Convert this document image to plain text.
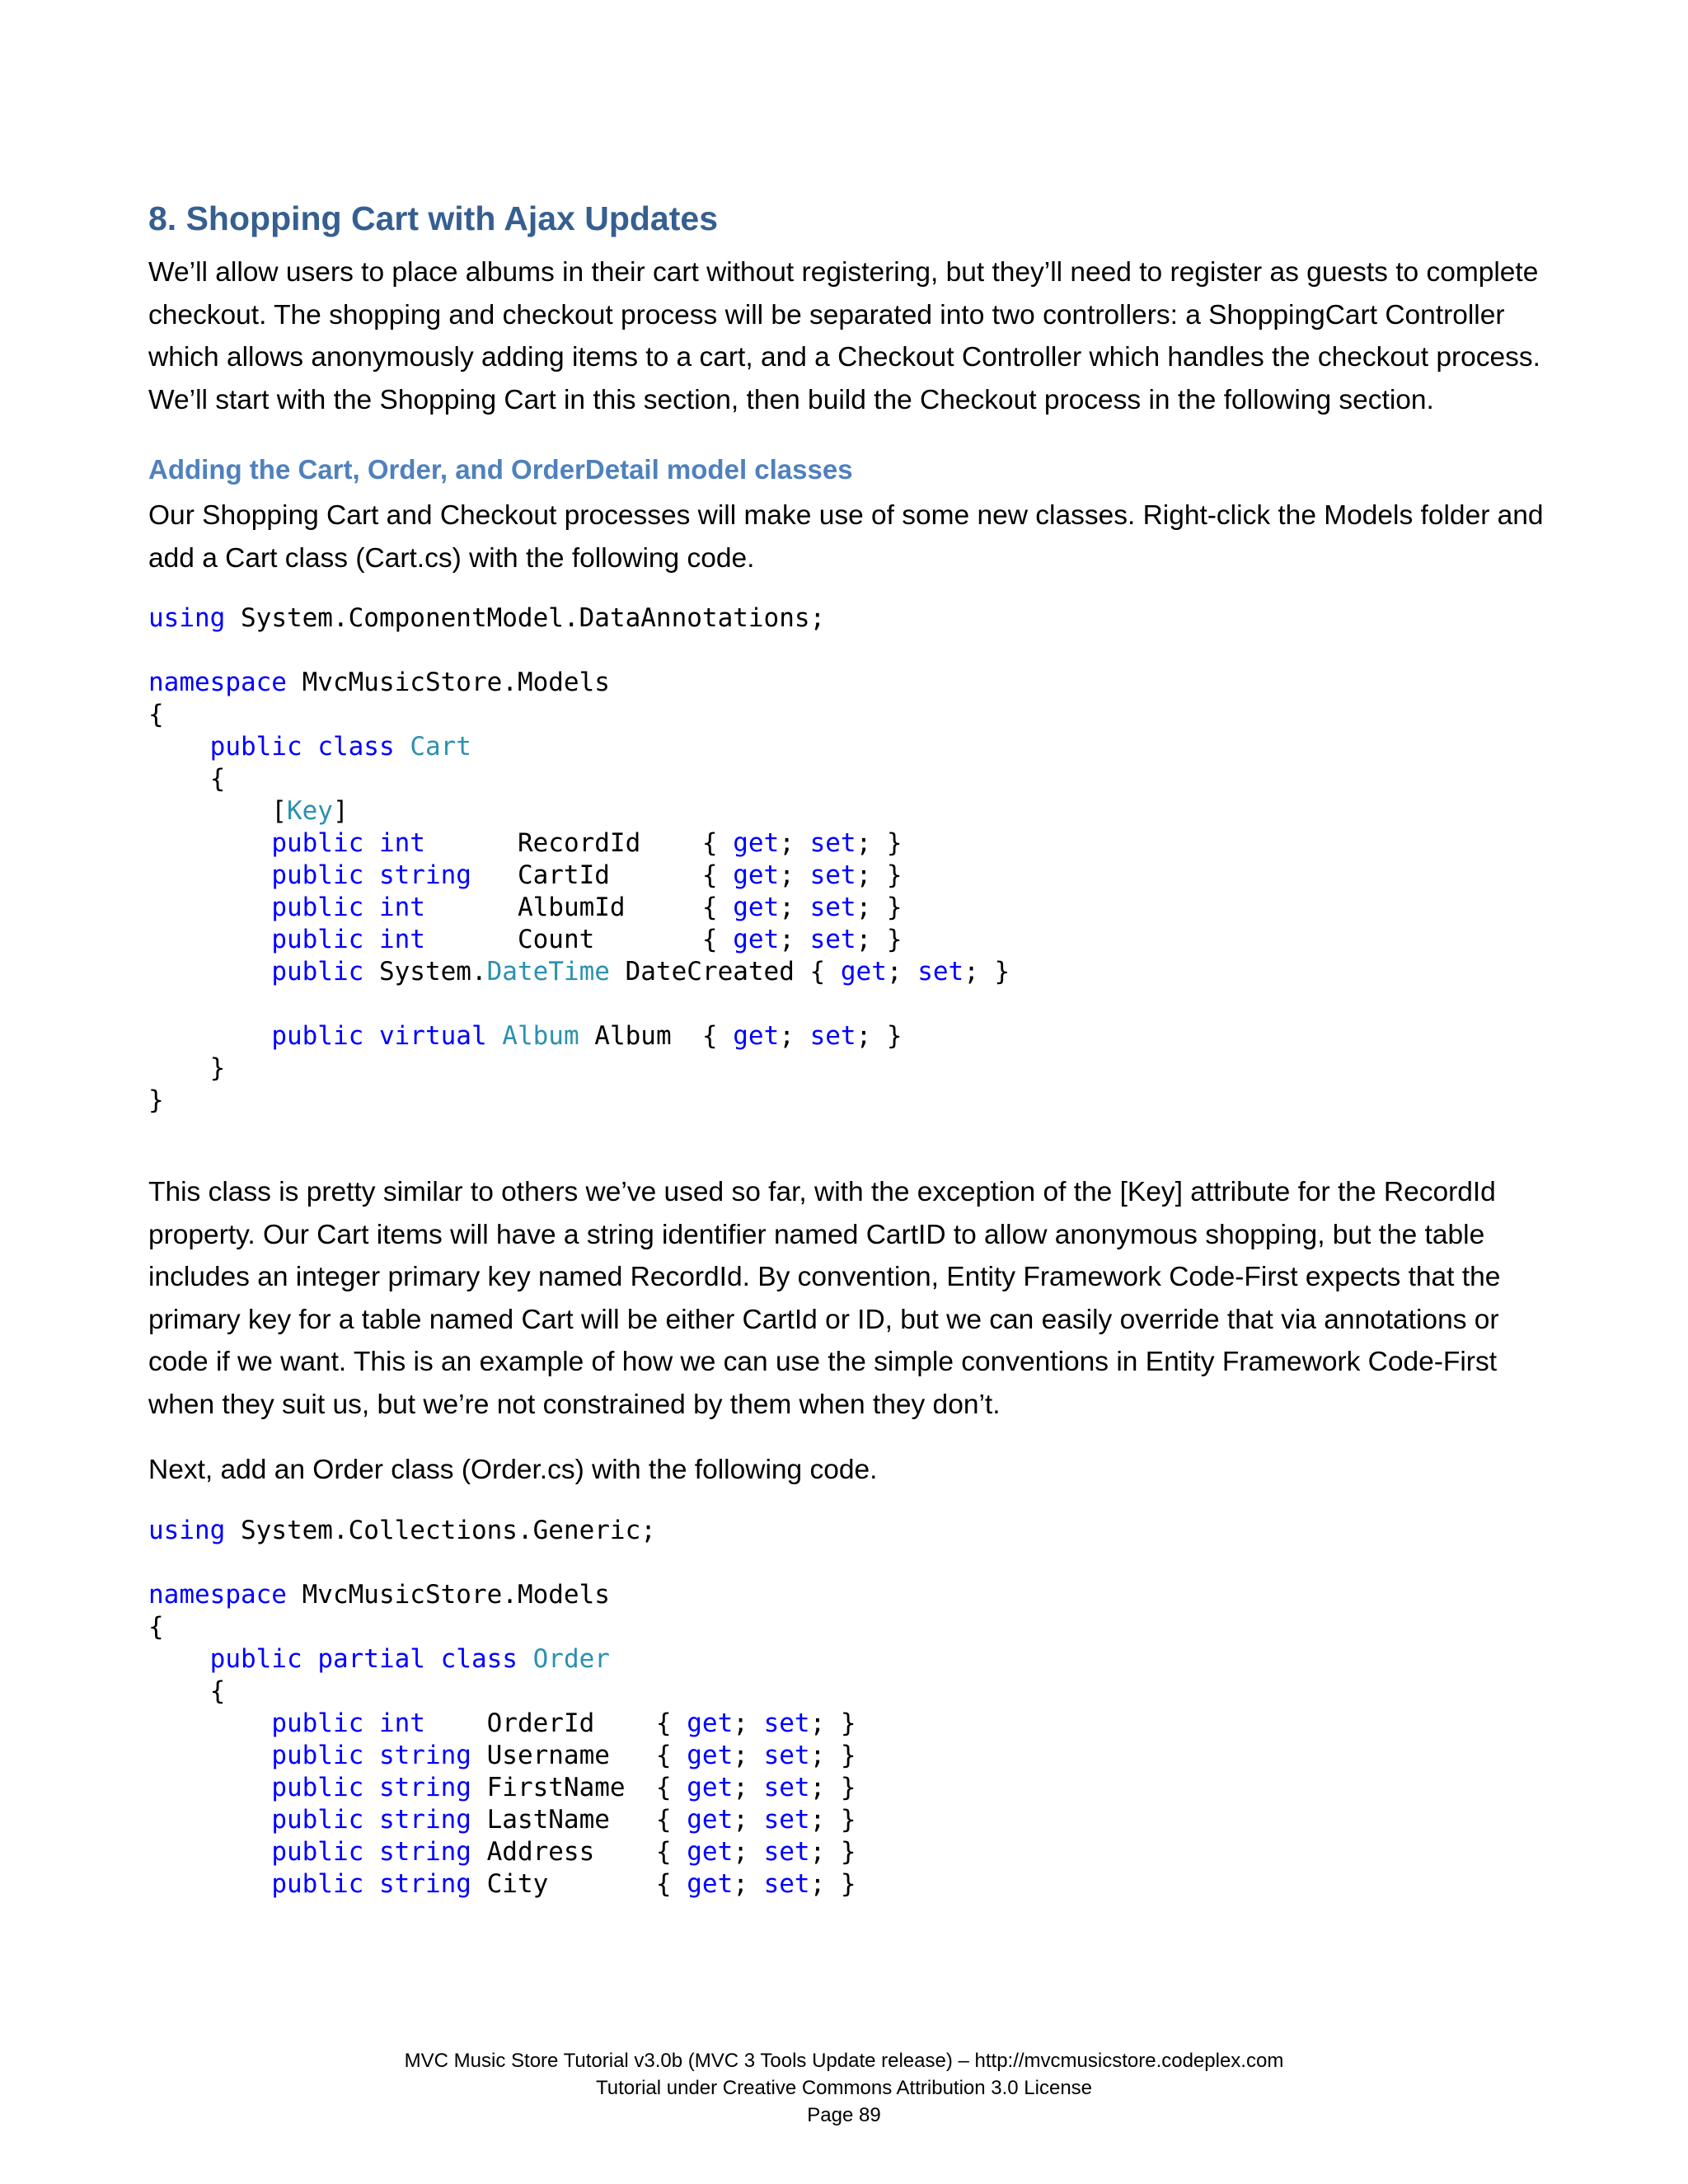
8. Shopping Cart with Ajax Updates

We’ll allow users to place albums in their cart without registering, but they’ll need to register as guests to complete checkout. The shopping and checkout process will be separated into two controllers: a ShoppingCart Controller which allows anonymously adding items to a cart, and a Checkout Controller which handles the checkout process. We’ll start with the Shopping Cart in this section, then build the Checkout process in the following section.

Adding the Cart, Order, and OrderDetail model classes

Our Shopping Cart and Checkout processes will make use of some new classes. Right-click the Models folder and add a Cart class (Cart.cs) with the following code.

using System.ComponentModel.DataAnnotations;
namespace MvcMusicStore.Models
{
public class Cart
{
[Key]
public int      RecordId    { get; set; }
public string   CartId      { get; set; }
public int      AlbumId     { get; set; }
public int      Count       { get; set; }
public System.DateTime DateCreated { get; set; }
public virtual Album Album  { get; set; }
}
}

This class is pretty similar to others we’ve used so far, with the exception of the [Key] attribute for the RecordId property. Our Cart items will have a string identifier named CartID to allow anonymous shopping, but the table includes an integer primary key named RecordId. By convention, Entity Framework Code-First expects that the primary key for a table named Cart will be either CartId or ID, but we can easily override that via annotations or code if we want. This is an example of how we can use the simple conventions in Entity Framework Code-First when they suit us, but we’re not constrained by them when they don’t.

Next, add an Order class (Order.cs) with the following code.

using System.Collections.Generic;
namespace MvcMusicStore.Models
{
public partial class Order
{
public int    OrderId    { get; set; }
public string Username   { get; set; }
public string FirstName  { get; set; }
public string LastName   { get; set; }
public string Address    { get; set; }
public string City       { get; set; }
MVC Music Store Tutorial v3.0b (MVC 3 Tools Update release) – http://mvcmusicstore.codeplex.com
Tutorial under Creative Commons Attribution 3.0 License
Page 89
